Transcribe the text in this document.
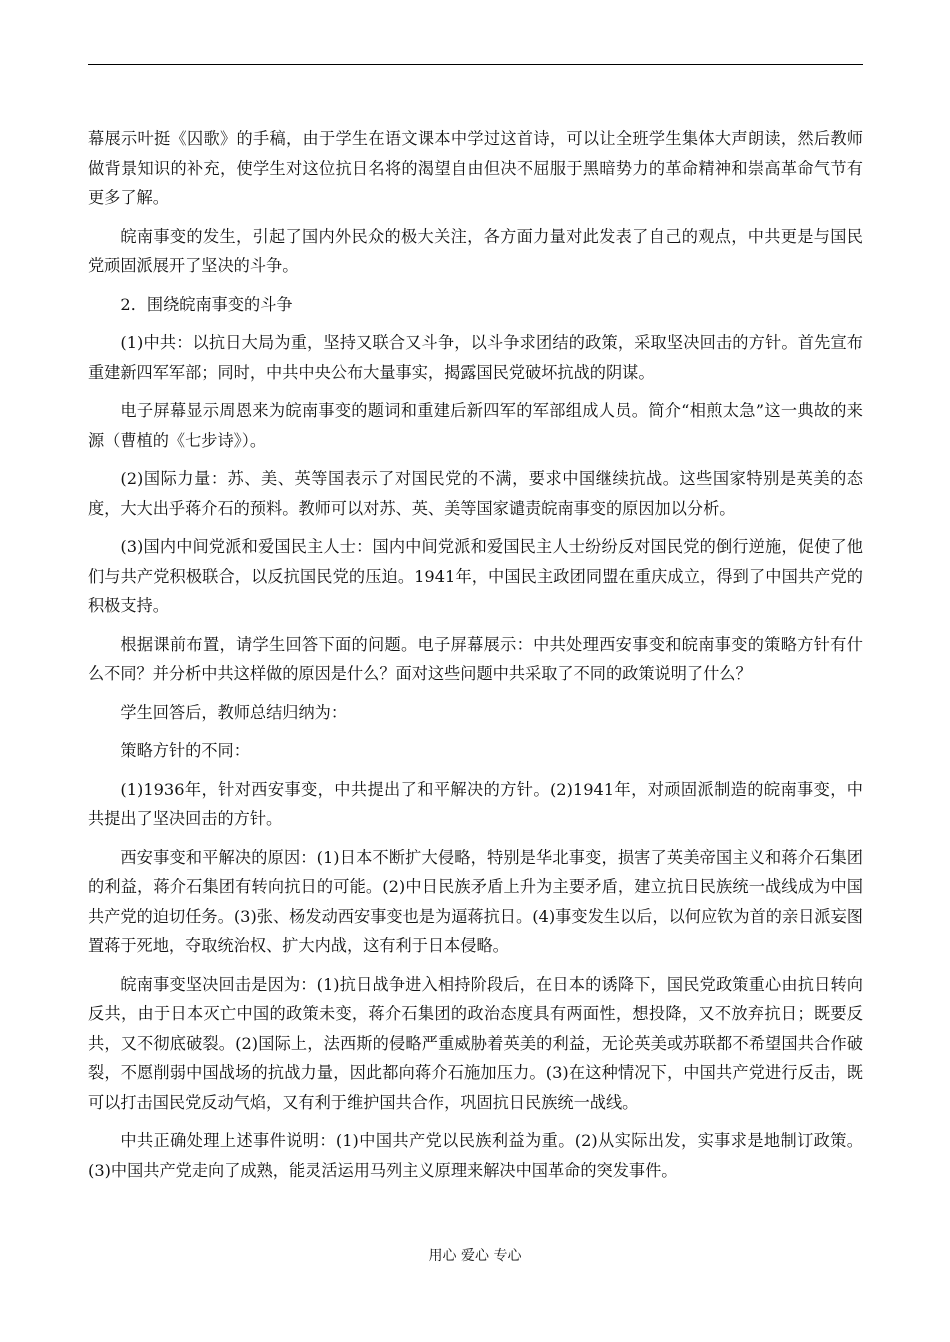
幕展示叶挺《囚歌》的手稿，由于学生在语文课本中学过这首诗，可以让全班学生集体大声朗读，然后教师做背景知识的补充，使学生对这位抗日名将的渴望自由但决不屈服于黑暗势力的革命精神和崇高革命气节有更多了解。

皖南事变的发生，引起了国内外民众的极大关注，各方面力量对此发表了自己的观点，中共更是与国民党顽固派展开了坚决的斗争。

2．围绕皖南事变的斗争

(1)中共：以抗日大局为重，坚持又联合又斗争，以斗争求团结的政策，采取坚决回击的方针。首先宣布重建新四军军部；同时，中共中央公布大量事实，揭露国民党破坏抗战的阴谋。

电子屏幕显示周恩来为皖南事变的题词和重建后新四军的军部组成人员。简介“相煎太急”这一典故的来源（曹植的《七步诗》）。

(2)国际力量：苏、美、英等国表示了对国民党的不满，要求中国继续抗战。这些国家特别是英美的态度，大大出乎蒋介石的预料。教师可以对苏、英、美等国家谴责皖南事变的原因加以分析。

(3)国内中间党派和爱国民主人士：国内中间党派和爱国民主人士纷纷反对国民党的倒行逆施，促使了他们与共产党积极联合，以反抗国民党的压迫。1941年，中国民主政团同盟在重庆成立，得到了中国共产党的积极支持。

根据课前布置，请学生回答下面的问题。电子屏幕展示：中共处理西安事变和皖南事变的策略方针有什么不同？并分析中共这样做的原因是什么？面对这些问题中共采取了不同的政策说明了什么？

学生回答后，教师总结归纳为：

策略方针的不同：

(1)1936年，针对西安事变，中共提出了和平解决的方针。(2)1941年，对顽固派制造的皖南事变，中共提出了坚决回击的方针。

西安事变和平解决的原因：(1)日本不断扩大侵略，特别是华北事变，损害了英美帝国主义和蒋介石集团的利益，蒋介石集团有转向抗日的可能。(2)中日民族矛盾上升为主要矛盾，建立抗日民族统一战线成为中国共产党的迫切任务。(3)张、杨发动西安事变也是为逼蒋抗日。(4)事变发生以后，以何应钦为首的亲日派妄图置蒋于死地，夺取统治权、扩大内战，这有利于日本侵略。

皖南事变坚决回击是因为：(1)抗日战争进入相持阶段后，在日本的诱降下，国民党政策重心由抗日转向反共，由于日本灭亡中国的政策未变，蒋介石集团的政治态度具有两面性，想投降，又不放弃抗日；既要反共，又不彻底破裂。(2)国际上，法西斯的侵略严重威胁着英美的利益，无论英美或苏联都不希望国共合作破裂，不愿削弱中国战场的抗战力量，因此都向蒋介石施加压力。(3)在这种情况下，中国共产党进行反击，既可以打击国民党反动气焰，又有利于维护国共合作，巩固抗日民族统一战线。

中共正确处理上述事件说明：(1)中国共产党以民族利益为重。(2)从实际出发，实事求是地制订政策。(3)中国共产党走向了成熟，能灵活运用马列主义原理来解决中国革命的突发事件。

用心 爱心 专心
